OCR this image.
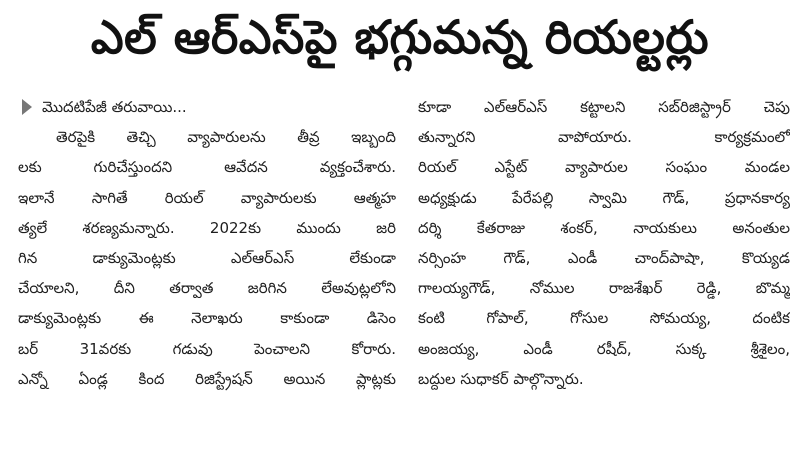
ఎల్ ఆర్ఎస్‌పై భగ్గుమన్న రియల్టర్లు
మొదటిపేజీ తరువాయి...
తెరపైకి తెచ్చి వ్యాపారులను తీవ్ర ఇబ్బంది
లకు గురిచేస్తుందని ఆవేదన వ్యక్తంచేశారు.
ఇలానే సాగితే రియల్ వ్యాపారులకు ఆత్మహ
త్యలే శరణ్యమన్నారు. 2022కు ముందు జరి
గిన డాక్యుమెంట్లకు ఎల్ఆర్ఎస్ లేకుండా
చేయాలని, దీని తర్వాత జరిగిన లేఅవుట్లలోని
డాక్యుమెంట్లకు ఈ నెలాఖరు కాకుండా డిసెం
బర్ 31వరకు గడువు పెంచాలని కోరారు.
ఎన్నో ఏండ్ల కింద రిజిస్ట్రేషన్ అయిన ప్లాట్లకు
కూడా ఎల్ఆర్ఎస్ కట్టాలని సబ్‌రిజిస్ట్రార్ చెపు
తున్నారని వాపోయారు. కార్యక్రమంలో
రియల్ ఎస్టేట్ వ్యాపారుల సంఘం మండల
అధ్యక్షుడు పేరేపల్లి స్వామి గౌడ్, ప్రధానకార్య
దర్శి కేతరాజు శంకర్, నాయకులు అనంతుల
నర్సింహ గౌడ్, ఎండీ చాంద్‌పాషా, కొయ్యడ
గాలయ్యగౌడ్, నోముల రాజశేఖర్ రెడ్డి, బొమ్మ
కంటి గోపాల్, గోసుల సోమయ్య, దంటిక
అంజయ్య, ఎండీ రషీద్, సుక్క శ్రీశైలం,
బద్దుల సుధాకర్ పాల్గొన్నారు.
